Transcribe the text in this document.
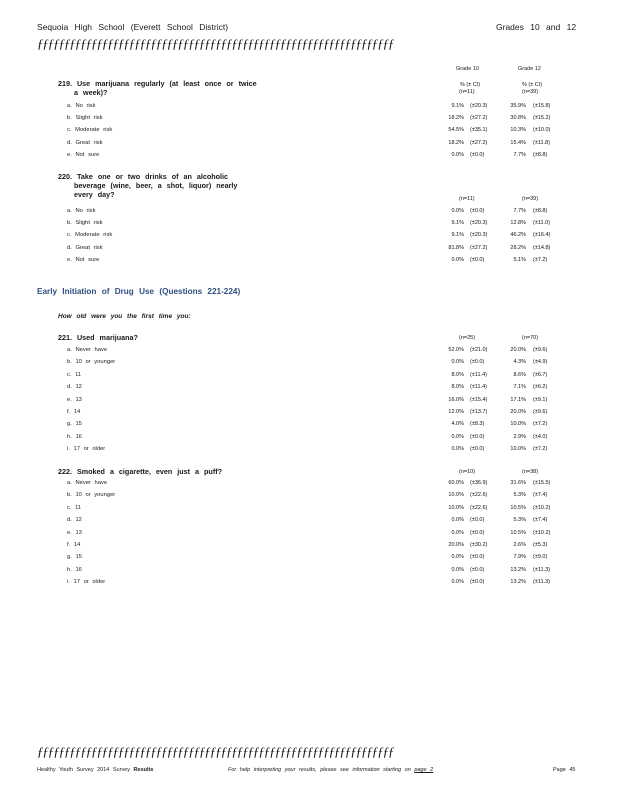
Sequoia High School (Everett School District)	Grades 10 and 12
ƒƒƒƒƒƒƒƒƒƒƒƒƒƒƒƒƒƒƒƒƒƒƒƒƒƒƒƒƒƒƒƒƒƒƒƒƒƒƒƒƒƒƒƒƒƒƒƒƒƒƒƒƒƒƒƒƒƒƒƒƒƒƒƒƒƒ
Grade 10	Grade 12
219. Use marijuana regularly (at least once or twice
a week)?
% (± CI)	% (± CI)
(n=11)	(n=39)
a. No risk	9.1% (±20.3)	35.9% (±15.8)
b. Slight risk	18.2% (±27.2)	30.8% (±15.2)
c. Moderate risk	54.5% (±35.1)	10.3% (±10.0)
d. Great risk	18.2% (±27.2)	15.4% (±11.8)
e. Not sure	0.0% (±0.0)	7.7% (±8.8)
220. Take one or two drinks of an alcoholic
beverage (wine, beer, a shot, liquor) nearly
every day?	(n=11)	(n=39)
a. No risk	0.0% (±0.0)	7.7% (±8.8)
b. Slight risk	9.1% (±20.3)	12.8% (±11.0)
c. Moderate risk	9.1% (±20.3)	46.2% (±16.4)
d. Great risk	81.8% (±27.2)	28.2% (±14.8)
e. Not sure	0.0% (±0.0)	5.1% (±7.2)
221. Used marijuana?	(n=25)	(n=70)
a. Never have	52.0% (±21.0)	20.0% (±9.6)
b. 10 or younger	0.0% (±0.0)	4.3% (±4.9)
c. 11	8.0% (±11.4)	8.6% (±6.7)
d. 12	8.0% (±11.4)	7.1% (±6.2)
e. 13	16.0% (±15.4)	17.1% (±9.1)
f. 14	12.0% (±13.7)	20.0% (±9.6)
g. 15	4.0% (±8.3)	10.0% (±7.2)
h. 16	0.0% (±0.0)	2.9% (±4.0)
i. 17 or older	0.0% (±0.0)	10.0% (±7.2)
222. Smoked a cigarette, even just a puff?	(n=10)	(n=38)
a. Never have	60.0% (±36.9)	31.6% (±15.5)
b. 10 or younger	10.0% (±22.6)	5.3% (±7.4)
c. 11	10.0% (±22.6)	10.5% (±10.2)
d. 12	0.0% (±0.0)	5.3% (±7.4)
e. 13	0.0% (±0.0)	10.5% (±10.2)
f. 14	20.0% (±30.2)	2.6% (±5.3)
g. 15	0.0% (±0.0)	7.9% (±9.0)
h. 16	0.0% (±0.0)	13.2% (±11.3)
i. 17 or older	0.0% (±0.0)	13.2% (±11.3)
Early Initiation of Drug Use (Questions 221-224)
How old were you the first time you:
ƒƒƒƒƒƒƒƒƒƒƒƒƒƒƒƒƒƒƒƒƒƒƒƒƒƒƒƒƒƒƒƒƒƒƒƒƒƒƒƒƒƒƒƒƒƒƒƒƒƒƒƒƒƒƒƒƒƒƒƒƒƒƒƒƒƒ
Healthy Youth Survey 2014 Survey Results	For help interpreting your results, please see information starting on page 2	Page 45
